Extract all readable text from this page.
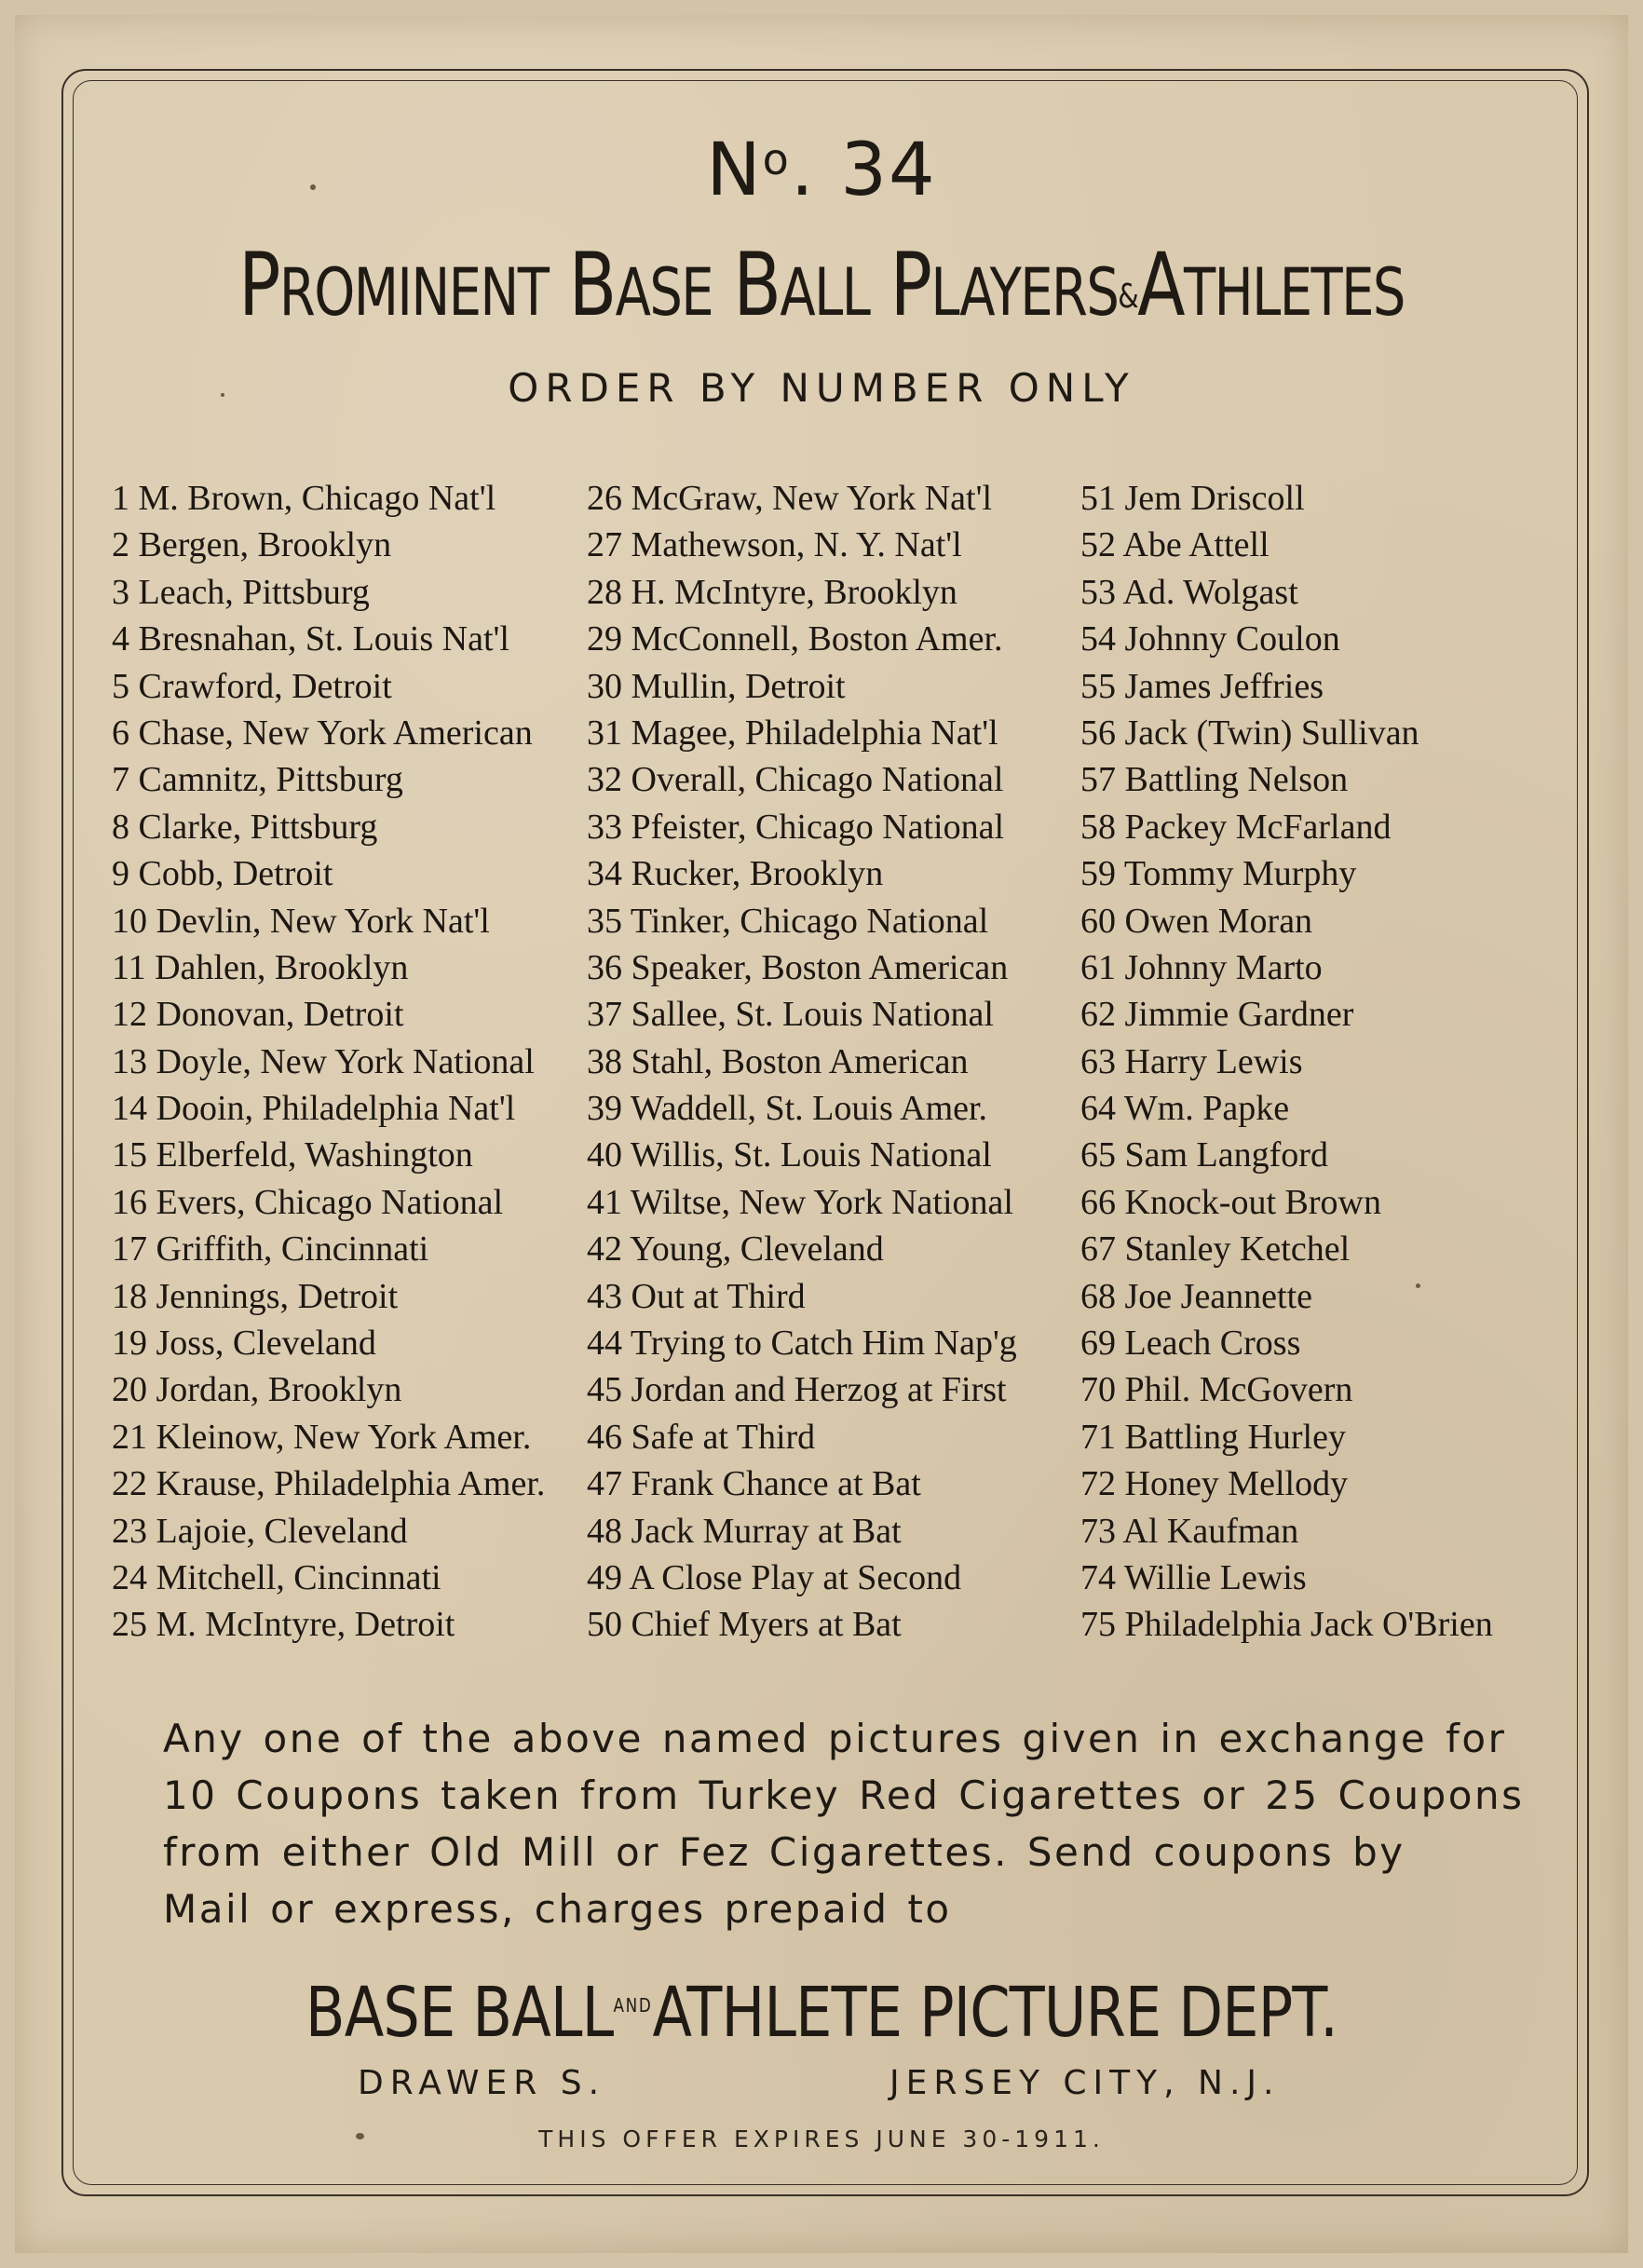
$N^o$. 34
PROMINENT BASE BALL PLAYERS&ATHLETES
ORDER BY NUMBER ONLY
1 M. Brown, Chicago Nat'l
2 Bergen, Brooklyn
3 Leach, Pittsburg
4 Bresnahan, St. Louis Nat'l
5 Crawford, Detroit
6 Chase, New York American
7 Camnitz, Pittsburg
8 Clarke, Pittsburg
9 Cobb, Detroit
10 Devlin, New York Nat'l
11 Dahlen, Brooklyn
12 Donovan, Detroit
13 Doyle, New York National
14 Dooin, Philadelphia Nat'l
15 Elberfeld, Washington
16 Evers, Chicago National
17 Griffith, Cincinnati
18 Jennings, Detroit
19 Joss, Cleveland
20 Jordan, Brooklyn
21 Kleinow, New York Amer.
22 Krause, Philadelphia Amer.
23 Lajoie, Cleveland
24 Mitchell, Cincinnati
25 M. McIntyre, Detroit
26 McGraw, New York Nat'l
27 Mathewson, N. Y. Nat'l
28 H. McIntyre, Brooklyn
29 McConnell, Boston Amer.
30 Mullin, Detroit
31 Magee, Philadelphia Nat'l
32 Overall, Chicago National
33 Pfeister, Chicago National
34 Rucker, Brooklyn
35 Tinker, Chicago National
36 Speaker, Boston American
37 Sallee, St. Louis National
38 Stahl, Boston American
39 Waddell, St. Louis Amer.
40 Willis, St. Louis National
41 Wiltse, New York National
42 Young, Cleveland
43 Out at Third
44 Trying to Catch Him Nap'g
45 Jordan and Herzog at First
46 Safe at Third
47 Frank Chance at Bat
48 Jack Murray at Bat
49 A Close Play at Second
50 Chief Myers at Bat
51 Jem Driscoll
52 Abe Attell
53 Ad. Wolgast
54 Johnny Coulon
55 James Jeffries
56 Jack (Twin) Sullivan
57 Battling Nelson
58 Packey McFarland
59 Tommy Murphy
60 Owen Moran
61 Johnny Marto
62 Jimmie Gardner
63 Harry Lewis
64 Wm. Papke
65 Sam Langford
66 Knock-out Brown
67 Stanley Ketchel
68 Joe Jeannette
69 Leach Cross
70 Phil. McGovern
71 Battling Hurley
72 Honey Mellody
73 Al Kaufman
74 Willie Lewis
75 Philadelphia Jack O'Brien
Any one of the above named pictures given in exchange for
10 Coupons taken from Turkey Red Cigarettes or 25 Coupons
from either Old Mill or Fez Cigarettes. Send coupons by
Mail or express, charges prepaid to
BASE $BALL^{AND}ATHLETE$ PICTURE DEPT.
DRAWER S.	JERSEY CITY, N.J.
THIS OFFER EXPIRES JUNE 30-1911.
